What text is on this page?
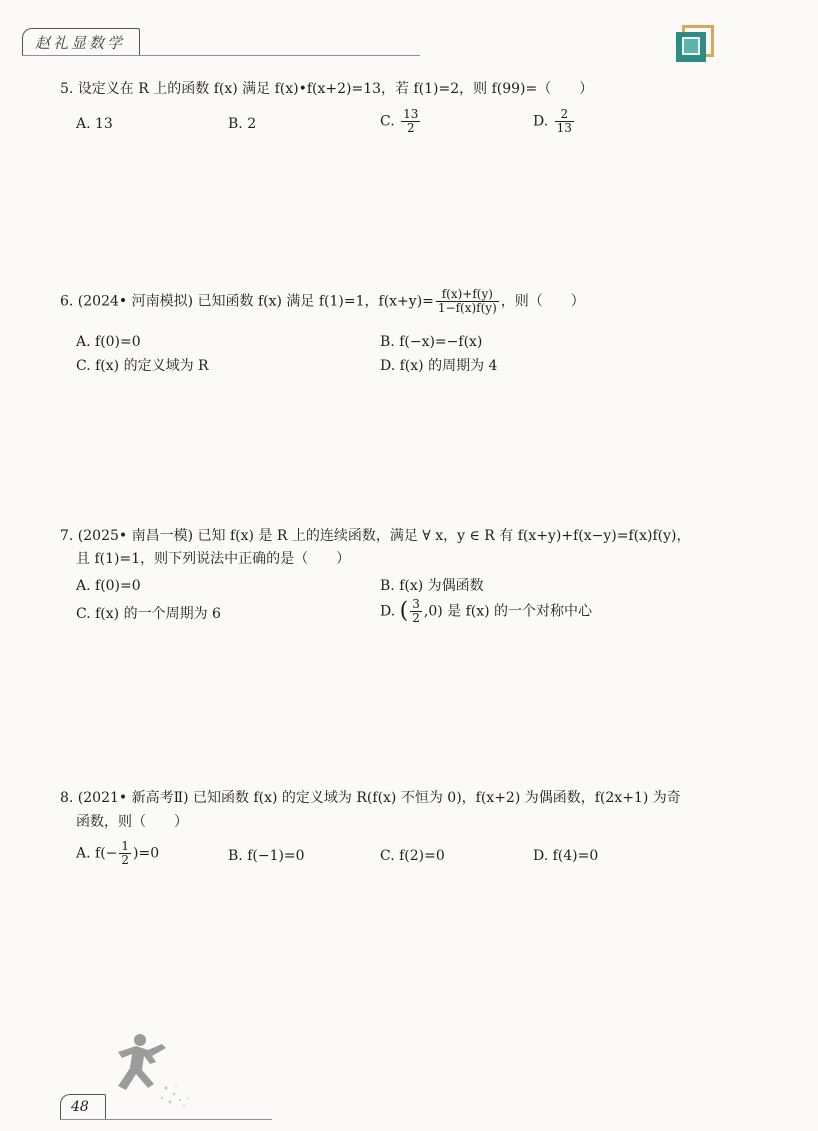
赵礼显数学

5. 设定义在 R 上的函数 f(x) 满足 f(x)•f(x+2)=13，若 f(1)=2，则 f(99)=（　　）
A. 13	B. 2	C. $\frac{13}{2}$	D. $\frac{2}{13}$
6. (2024• 河南模拟) 已知函数 f(x) 满足 f(1)=1，$f(x+y)= \frac{f(x)+f(y)}{1-f(x)f(y)}$ ，则（　　）
A. f(0)=0	B. f(−x)=−f(x)
C. f(x) 的定义域为 R	D. f(x) 的周期为 4
7. (2025• 南昌一模) 已知 f(x) 是 R 上的连续函数，满足 ∀ x，y ∈ R 有 f(x+y)+f(x−y)=f(x)f(y)，
且 f(1)=1，则下列说法中正确的是（　　）
A. f(0)=0	B. f(x) 为偶函数
C. f(x) 的一个周期为 6	D. ( $\frac{3}{2} ,0$) 是 f(x) 的一个对称中心
8. (2021• 新高考Ⅱ) 已知函数 f(x) 的定义域为 R(f(x) 不恒为 0)，f(x+2) 为偶函数，f(2x+1) 为奇
函数，则（　　）
A. $f(- \frac{1}{2} )=0$	B. f(−1)=0	C. f(2)=0	D. f(4)=0
48
